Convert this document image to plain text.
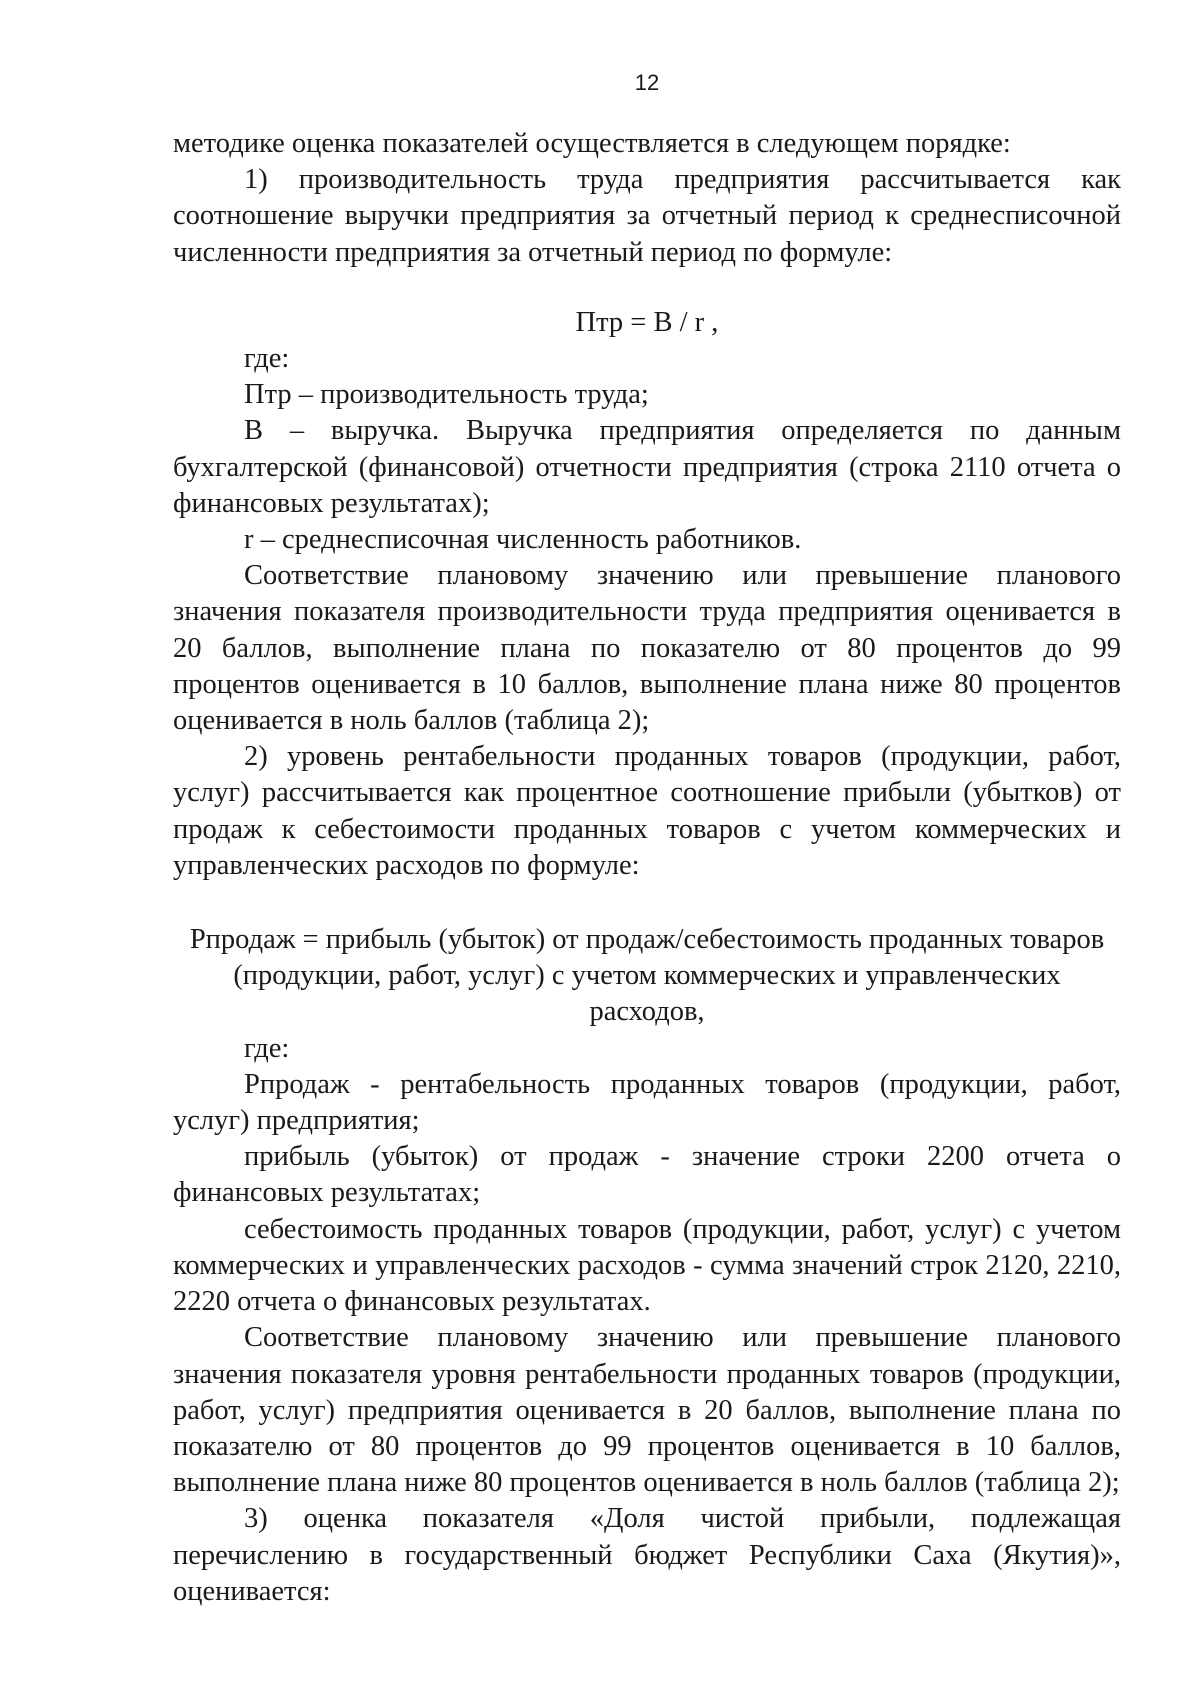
12

методике оценка показателей осуществляется в следующем порядке:

1) производительность труда предприятия рассчитывается как соотношение выручки предприятия за отчетный период к среднесписочной численности предприятия за отчетный период по формуле:

Птр = В / r ,

где:

Птр – производительность труда;

В – выручка. Выручка предприятия определяется по данным бухгалтерской (финансовой) отчетности предприятия (строка 2110 отчета о финансовых результатах);

r – среднесписочная численность работников.

Соответствие плановому значению или превышение планового значения показателя производительности труда предприятия оценивается в 20 баллов, выполнение плана по показателю от 80 процентов до 99 процентов оценивается в 10 баллов, выполнение плана ниже 80 процентов оценивается в ноль баллов (таблица 2);

2) уровень рентабельности проданных товаров (продукции, работ, услуг) рассчитывается как процентное соотношение прибыли (убытков) от продаж к себестоимости проданных товаров с учетом коммерческих и управленческих расходов по формуле:

Рпродаж = прибыль (убыток) от продаж/себестоимость проданных товаров (продукции, работ, услуг) с учетом коммерческих и управленческих расходов,

где:

Рпродаж - рентабельность проданных товаров (продукции, работ, услуг) предприятия;

прибыль (убыток) от продаж - значение строки 2200 отчета о финансовых результатах;

себестоимость проданных товаров (продукции, работ, услуг) с учетом коммерческих и управленческих расходов - сумма значений строк 2120, 2210, 2220 отчета о финансовых результатах.

Соответствие плановому значению или превышение планового значения показателя уровня рентабельности проданных товаров (продукции, работ, услуг) предприятия оценивается в 20 баллов, выполнение плана по показателю от 80 процентов до 99 процентов оценивается в 10 баллов, выполнение плана ниже 80 процентов оценивается в ноль баллов (таблица 2);

3) оценка показателя «Доля чистой прибыли, подлежащая перечислению в государственный бюджет Республики Саха (Якутия)», оценивается:
